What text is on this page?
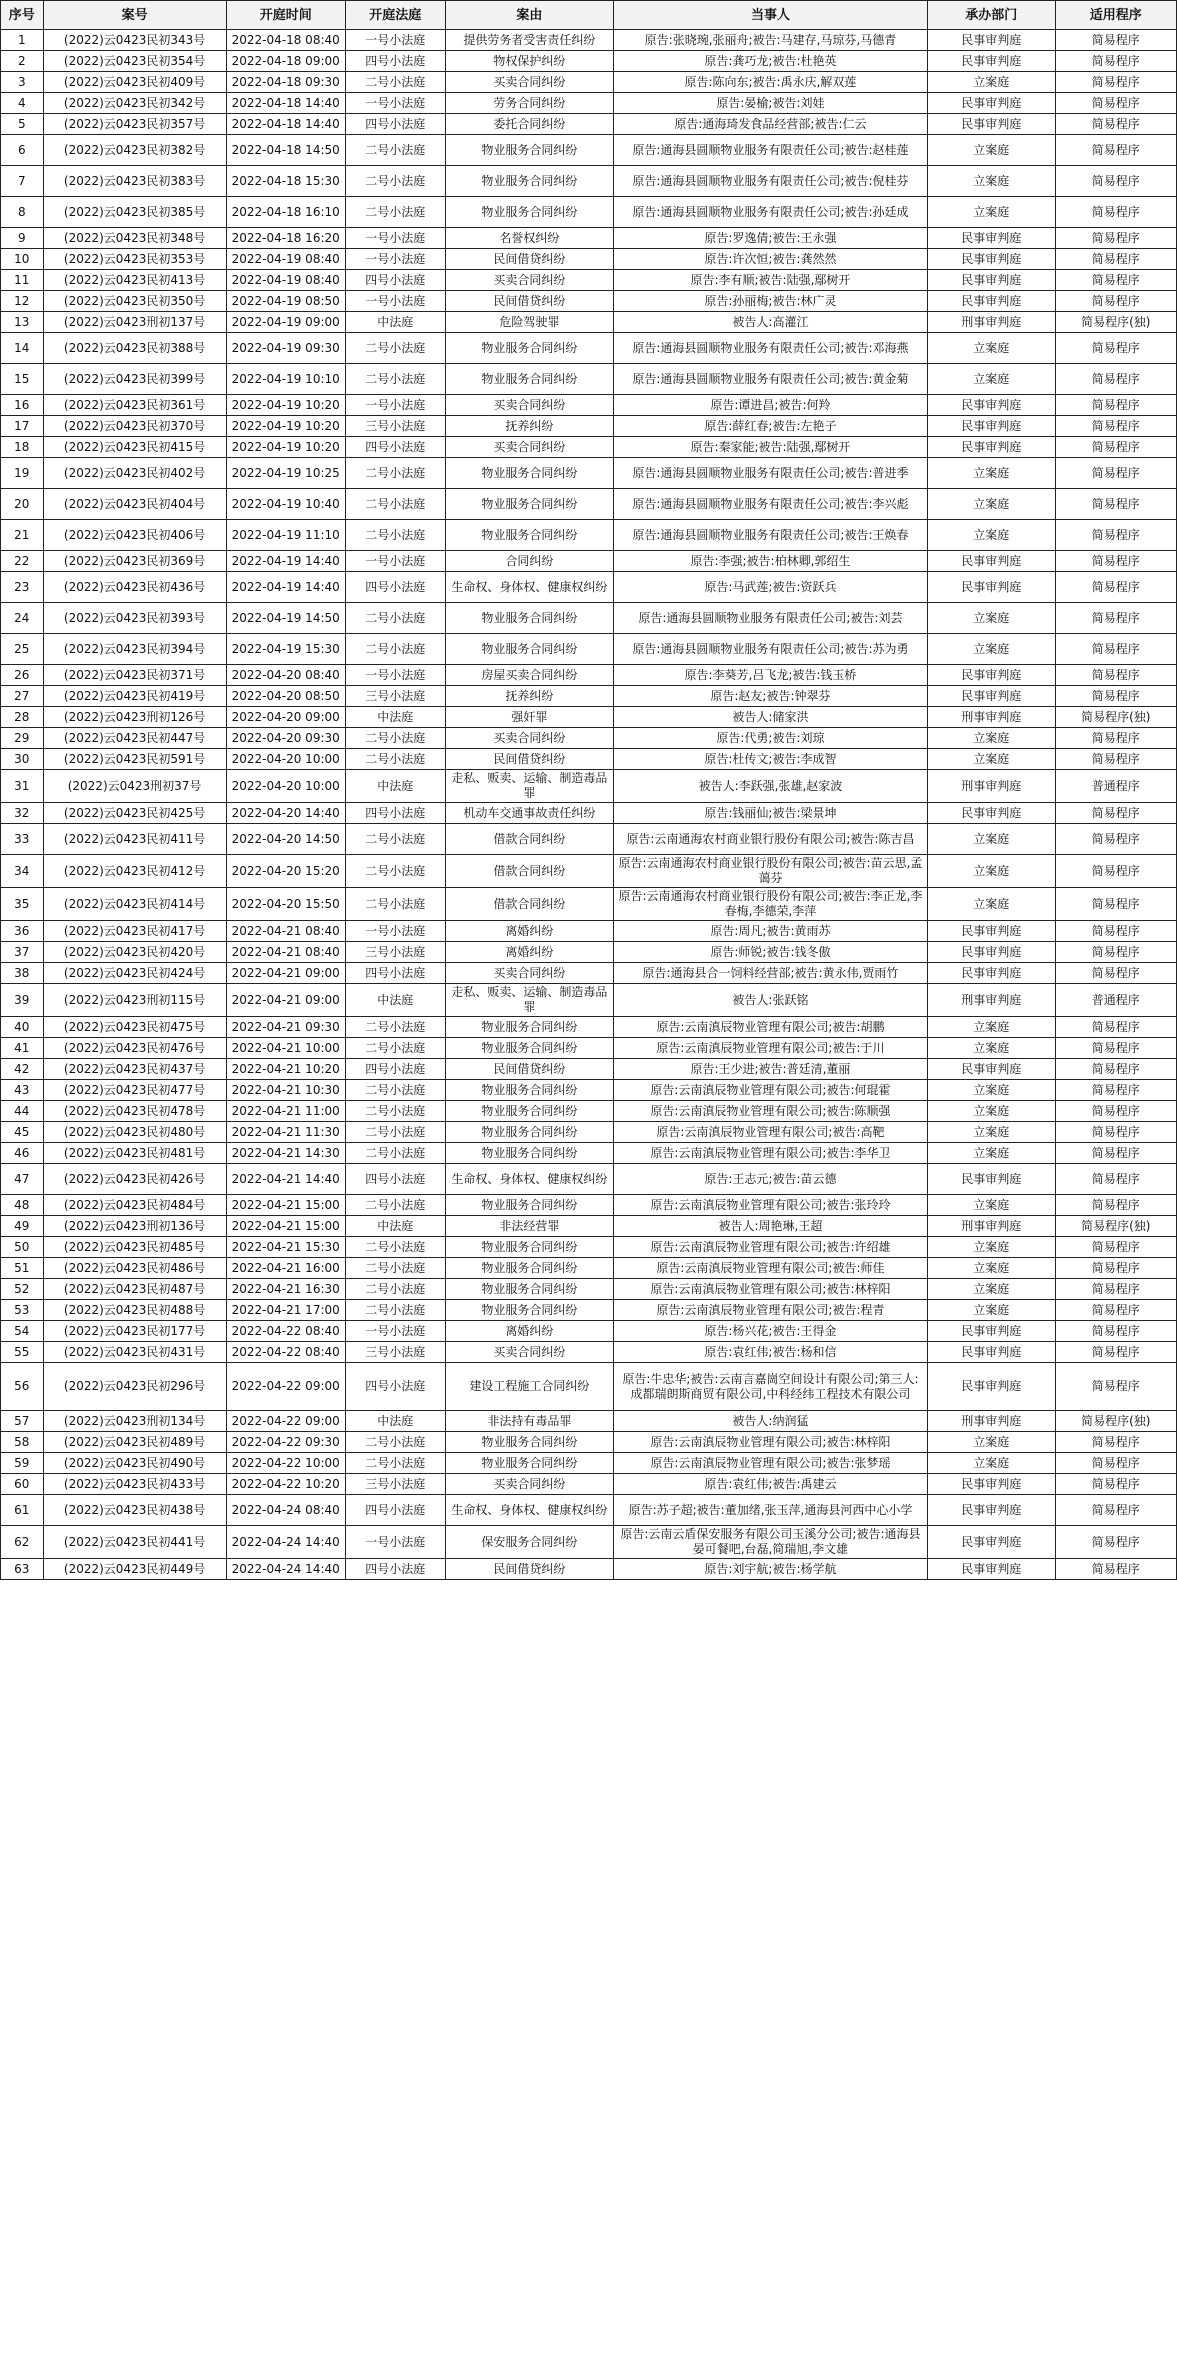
序号	案号	开庭时间	开庭法庭	案由	当事人	承办部门	适用程序
1	(2022)云0423民初343号	2022-04-18 08:40	一号小法庭	提供劳务者受害责任纠纷	原告:张晓琬,张丽舟;被告:马建存,马琼芬,马德青	民事审判庭	简易程序
2	(2022)云0423民初354号	2022-04-18 09:00	四号小法庭	物权保护纠纷	原告:龚巧龙;被告:杜艳英	民事审判庭	简易程序
3	(2022)云0423民初409号	2022-04-18 09:30	二号小法庭	买卖合同纠纷	原告:陈向东;被告:禹永庆,解双莲	立案庭	简易程序
4	(2022)云0423民初342号	2022-04-18 14:40	一号小法庭	劳务合同纠纷	原告:晏榆;被告:刘娃	民事审判庭	简易程序
5	(2022)云0423民初357号	2022-04-18 14:40	四号小法庭	委托合同纠纷	原告:通海琦发食品经营部;被告:仁云	民事审判庭	简易程序
6	(2022)云0423民初382号	2022-04-18 14:50	二号小法庭	物业服务合同纠纷	原告:通海县圆顺物业服务有限责任公司;被告:赵桂莲	立案庭	简易程序
7	(2022)云0423民初383号	2022-04-18 15:30	二号小法庭	物业服务合同纠纷	原告:通海县圆顺物业服务有限责任公司;被告:倪桂芬	立案庭	简易程序
8	(2022)云0423民初385号	2022-04-18 16:10	二号小法庭	物业服务合同纠纷	原告:通海县圆顺物业服务有限责任公司;被告:孙廷成	立案庭	简易程序
9	(2022)云0423民初348号	2022-04-18 16:20	一号小法庭	名誉权纠纷	原告:罗逸倩;被告:王永强	民事审判庭	简易程序
10	(2022)云0423民初353号	2022-04-19 08:40	一号小法庭	民间借贷纠纷	原告:许次恒;被告:龚然然	民事审判庭	简易程序
11	(2022)云0423民初413号	2022-04-19 08:40	四号小法庭	买卖合同纠纷	原告:李有顺;被告:陆强,鄢树开	民事审判庭	简易程序
12	(2022)云0423民初350号	2022-04-19 08:50	一号小法庭	民间借贷纠纷	原告:孙丽梅;被告:林广灵	民事审判庭	简易程序
13	(2022)云0423刑初137号	2022-04-19 09:00	中法庭	危险驾驶罪	被告人:高灌江	刑事审判庭	简易程序(独)
14	(2022)云0423民初388号	2022-04-19 09:30	二号小法庭	物业服务合同纠纷	原告:通海县圆顺物业服务有限责任公司;被告:邓海燕	立案庭	简易程序
15	(2022)云0423民初399号	2022-04-19 10:10	二号小法庭	物业服务合同纠纷	原告:通海县圆顺物业服务有限责任公司;被告:黄金菊	立案庭	简易程序
16	(2022)云0423民初361号	2022-04-19 10:20	一号小法庭	买卖合同纠纷	原告:谭进昌;被告:何羚	民事审判庭	简易程序
17	(2022)云0423民初370号	2022-04-19 10:20	三号小法庭	抚养纠纷	原告:薛红春;被告:左艳子	民事审判庭	简易程序
18	(2022)云0423民初415号	2022-04-19 10:20	四号小法庭	买卖合同纠纷	原告:秦家能;被告:陆强,鄢树开	民事审判庭	简易程序
19	(2022)云0423民初402号	2022-04-19 10:25	二号小法庭	物业服务合同纠纷	原告:通海县圆顺物业服务有限责任公司;被告:普进季	立案庭	简易程序
20	(2022)云0423民初404号	2022-04-19 10:40	二号小法庭	物业服务合同纠纷	原告:通海县圆顺物业服务有限责任公司;被告:李兴彪	立案庭	简易程序
21	(2022)云0423民初406号	2022-04-19 11:10	二号小法庭	物业服务合同纠纷	原告:通海县圆顺物业服务有限责任公司;被告:王焕春	立案庭	简易程序
22	(2022)云0423民初369号	2022-04-19 14:40	一号小法庭	合同纠纷	原告:李强;被告:柏林卿,郭绍生	民事审判庭	简易程序
23	(2022)云0423民初436号	2022-04-19 14:40	四号小法庭	生命权、身体权、健康权纠纷	原告:马武莲;被告:资跃兵	民事审判庭	简易程序
24	(2022)云0423民初393号	2022-04-19 14:50	二号小法庭	物业服务合同纠纷	原告:通海县圆顺物业服务有限责任公司;被告:刘芸	立案庭	简易程序
25	(2022)云0423民初394号	2022-04-19 15:30	二号小法庭	物业服务合同纠纷	原告:通海县圆顺物业服务有限责任公司;被告:苏为勇	立案庭	简易程序
26	(2022)云0423民初371号	2022-04-20 08:40	一号小法庭	房屋买卖合同纠纷	原告:李葵芳,吕飞龙;被告:钱玉桥	民事审判庭	简易程序
27	(2022)云0423民初419号	2022-04-20 08:50	三号小法庭	抚养纠纷	原告:赵友;被告:钟翠芬	民事审判庭	简易程序
28	(2022)云0423刑初126号	2022-04-20 09:00	中法庭	强奸罪	被告人:储家洪	刑事审判庭	简易程序(独)
29	(2022)云0423民初447号	2022-04-20 09:30	二号小法庭	买卖合同纠纷	原告:代勇;被告:刘琼	立案庭	简易程序
30	(2022)云0423民初591号	2022-04-20 10:00	二号小法庭	民间借贷纠纷	原告:杜传文;被告:李成智	立案庭	简易程序
31	(2022)云0423刑初37号	2022-04-20 10:00	中法庭	走私、贩卖、运输、制造毒品罪	被告人:李跃强,张雄,赵家波	刑事审判庭	普通程序
32	(2022)云0423民初425号	2022-04-20 14:40	四号小法庭	机动车交通事故责任纠纷	原告:钱丽仙;被告:梁景坤	民事审判庭	简易程序
33	(2022)云0423民初411号	2022-04-20 14:50	二号小法庭	借款合同纠纷	原告:云南通海农村商业银行股份有限公司;被告:陈吉昌	立案庭	简易程序
34	(2022)云0423民初412号	2022-04-20 15:20	二号小法庭	借款合同纠纷	原告:云南通海农村商业银行股份有限公司;被告:苗云思,孟蔼芬	立案庭	简易程序
35	(2022)云0423民初414号	2022-04-20 15:50	二号小法庭	借款合同纠纷	原告:云南通海农村商业银行股份有限公司;被告:李正龙,李春梅,李德荣,李萍	立案庭	简易程序
36	(2022)云0423民初417号	2022-04-21 08:40	一号小法庭	离婚纠纷	原告:周凡;被告:黄雨苏	民事审判庭	简易程序
37	(2022)云0423民初420号	2022-04-21 08:40	三号小法庭	离婚纠纷	原告:师锐;被告:钱冬傲	民事审判庭	简易程序
38	(2022)云0423民初424号	2022-04-21 09:00	四号小法庭	买卖合同纠纷	原告:通海县合一饲料经营部;被告:黄永伟,贾雨竹	民事审判庭	简易程序
39	(2022)云0423刑初115号	2022-04-21 09:00	中法庭	走私、贩卖、运输、制造毒品罪	被告人:张跃铭	刑事审判庭	普通程序
40	(2022)云0423民初475号	2022-04-21 09:30	二号小法庭	物业服务合同纠纷	原告:云南滇辰物业管理有限公司;被告:胡鹏	立案庭	简易程序
41	(2022)云0423民初476号	2022-04-21 10:00	二号小法庭	物业服务合同纠纷	原告:云南滇辰物业管理有限公司;被告:于川	立案庭	简易程序
42	(2022)云0423民初437号	2022-04-21 10:20	四号小法庭	民间借贷纠纷	原告:王少进;被告:普廷清,董丽	民事审判庭	简易程序
43	(2022)云0423民初477号	2022-04-21 10:30	二号小法庭	物业服务合同纠纷	原告:云南滇辰物业管理有限公司;被告:何琨霍	立案庭	简易程序
44	(2022)云0423民初478号	2022-04-21 11:00	二号小法庭	物业服务合同纠纷	原告:云南滇辰物业管理有限公司;被告:陈顺强	立案庭	简易程序
45	(2022)云0423民初480号	2022-04-21 11:30	二号小法庭	物业服务合同纠纷	原告:云南滇辰物业管理有限公司;被告:高靶	立案庭	简易程序
46	(2022)云0423民初481号	2022-04-21 14:30	二号小法庭	物业服务合同纠纷	原告:云南滇辰物业管理有限公司;被告:李华卫	立案庭	简易程序
47	(2022)云0423民初426号	2022-04-21 14:40	四号小法庭	生命权、身体权、健康权纠纷	原告:王志元;被告:苗云德	民事审判庭	简易程序
48	(2022)云0423民初484号	2022-04-21 15:00	二号小法庭	物业服务合同纠纷	原告:云南滇辰物业管理有限公司;被告:张玲玲	立案庭	简易程序
49	(2022)云0423刑初136号	2022-04-21 15:00	中法庭	非法经营罪	被告人:周艳琳,王超	刑事审判庭	简易程序(独)
50	(2022)云0423民初485号	2022-04-21 15:30	二号小法庭	物业服务合同纠纷	原告:云南滇辰物业管理有限公司;被告:许绍雄	立案庭	简易程序
51	(2022)云0423民初486号	2022-04-21 16:00	二号小法庭	物业服务合同纠纷	原告:云南滇辰物业管理有限公司;被告:师佳	立案庭	简易程序
52	(2022)云0423民初487号	2022-04-21 16:30	二号小法庭	物业服务合同纠纷	原告:云南滇辰物业管理有限公司;被告:林梓阳	立案庭	简易程序
53	(2022)云0423民初488号	2022-04-21 17:00	二号小法庭	物业服务合同纠纷	原告:云南滇辰物业管理有限公司;被告:程青	立案庭	简易程序
54	(2022)云0423民初177号	2022-04-22 08:40	一号小法庭	离婚纠纷	原告:杨兴花;被告:王得金	民事审判庭	简易程序
55	(2022)云0423民初431号	2022-04-22 08:40	三号小法庭	买卖合同纠纷	原告:袁红伟;被告:杨和信	民事审判庭	简易程序
56	(2022)云0423民初296号	2022-04-22 09:00	四号小法庭	建设工程施工合同纠纷	原告:牛忠华;被告:云南言嘉崗空间设计有限公司;第三人:成都瑞朗斯商贸有限公司,中科经纬工程技术有限公司	民事审判庭	简易程序
57	(2022)云0423刑初134号	2022-04-22 09:00	中法庭	非法持有毒品罪	被告人:纳润猛	刑事审判庭	简易程序(独)
58	(2022)云0423民初489号	2022-04-22 09:30	二号小法庭	物业服务合同纠纷	原告:云南滇辰物业管理有限公司;被告:林梓阳	立案庭	简易程序
59	(2022)云0423民初490号	2022-04-22 10:00	二号小法庭	物业服务合同纠纷	原告:云南滇辰物业管理有限公司;被告:张梦瑶	立案庭	简易程序
60	(2022)云0423民初433号	2022-04-22 10:20	三号小法庭	买卖合同纠纷	原告:袁红伟;被告:禹建云	民事审判庭	简易程序
61	(2022)云0423民初438号	2022-04-24 08:40	四号小法庭	生命权、身体权、健康权纠纷	原告:苏子超;被告:董加绪,张玉萍,通海县河西中心小学	民事审判庭	简易程序
62	(2022)云0423民初441号	2022-04-24 14:40	一号小法庭	保安服务合同纠纷	原告:云南云盾保安服务有限公司玉溪分公司;被告:通海县晏可餐吧,台磊,简瑞旭,李文雄	民事审判庭	简易程序
63	(2022)云0423民初449号	2022-04-24 14:40	四号小法庭	民间借贷纠纷	原告:刘宇航;被告:杨学航	民事审判庭	简易程序
